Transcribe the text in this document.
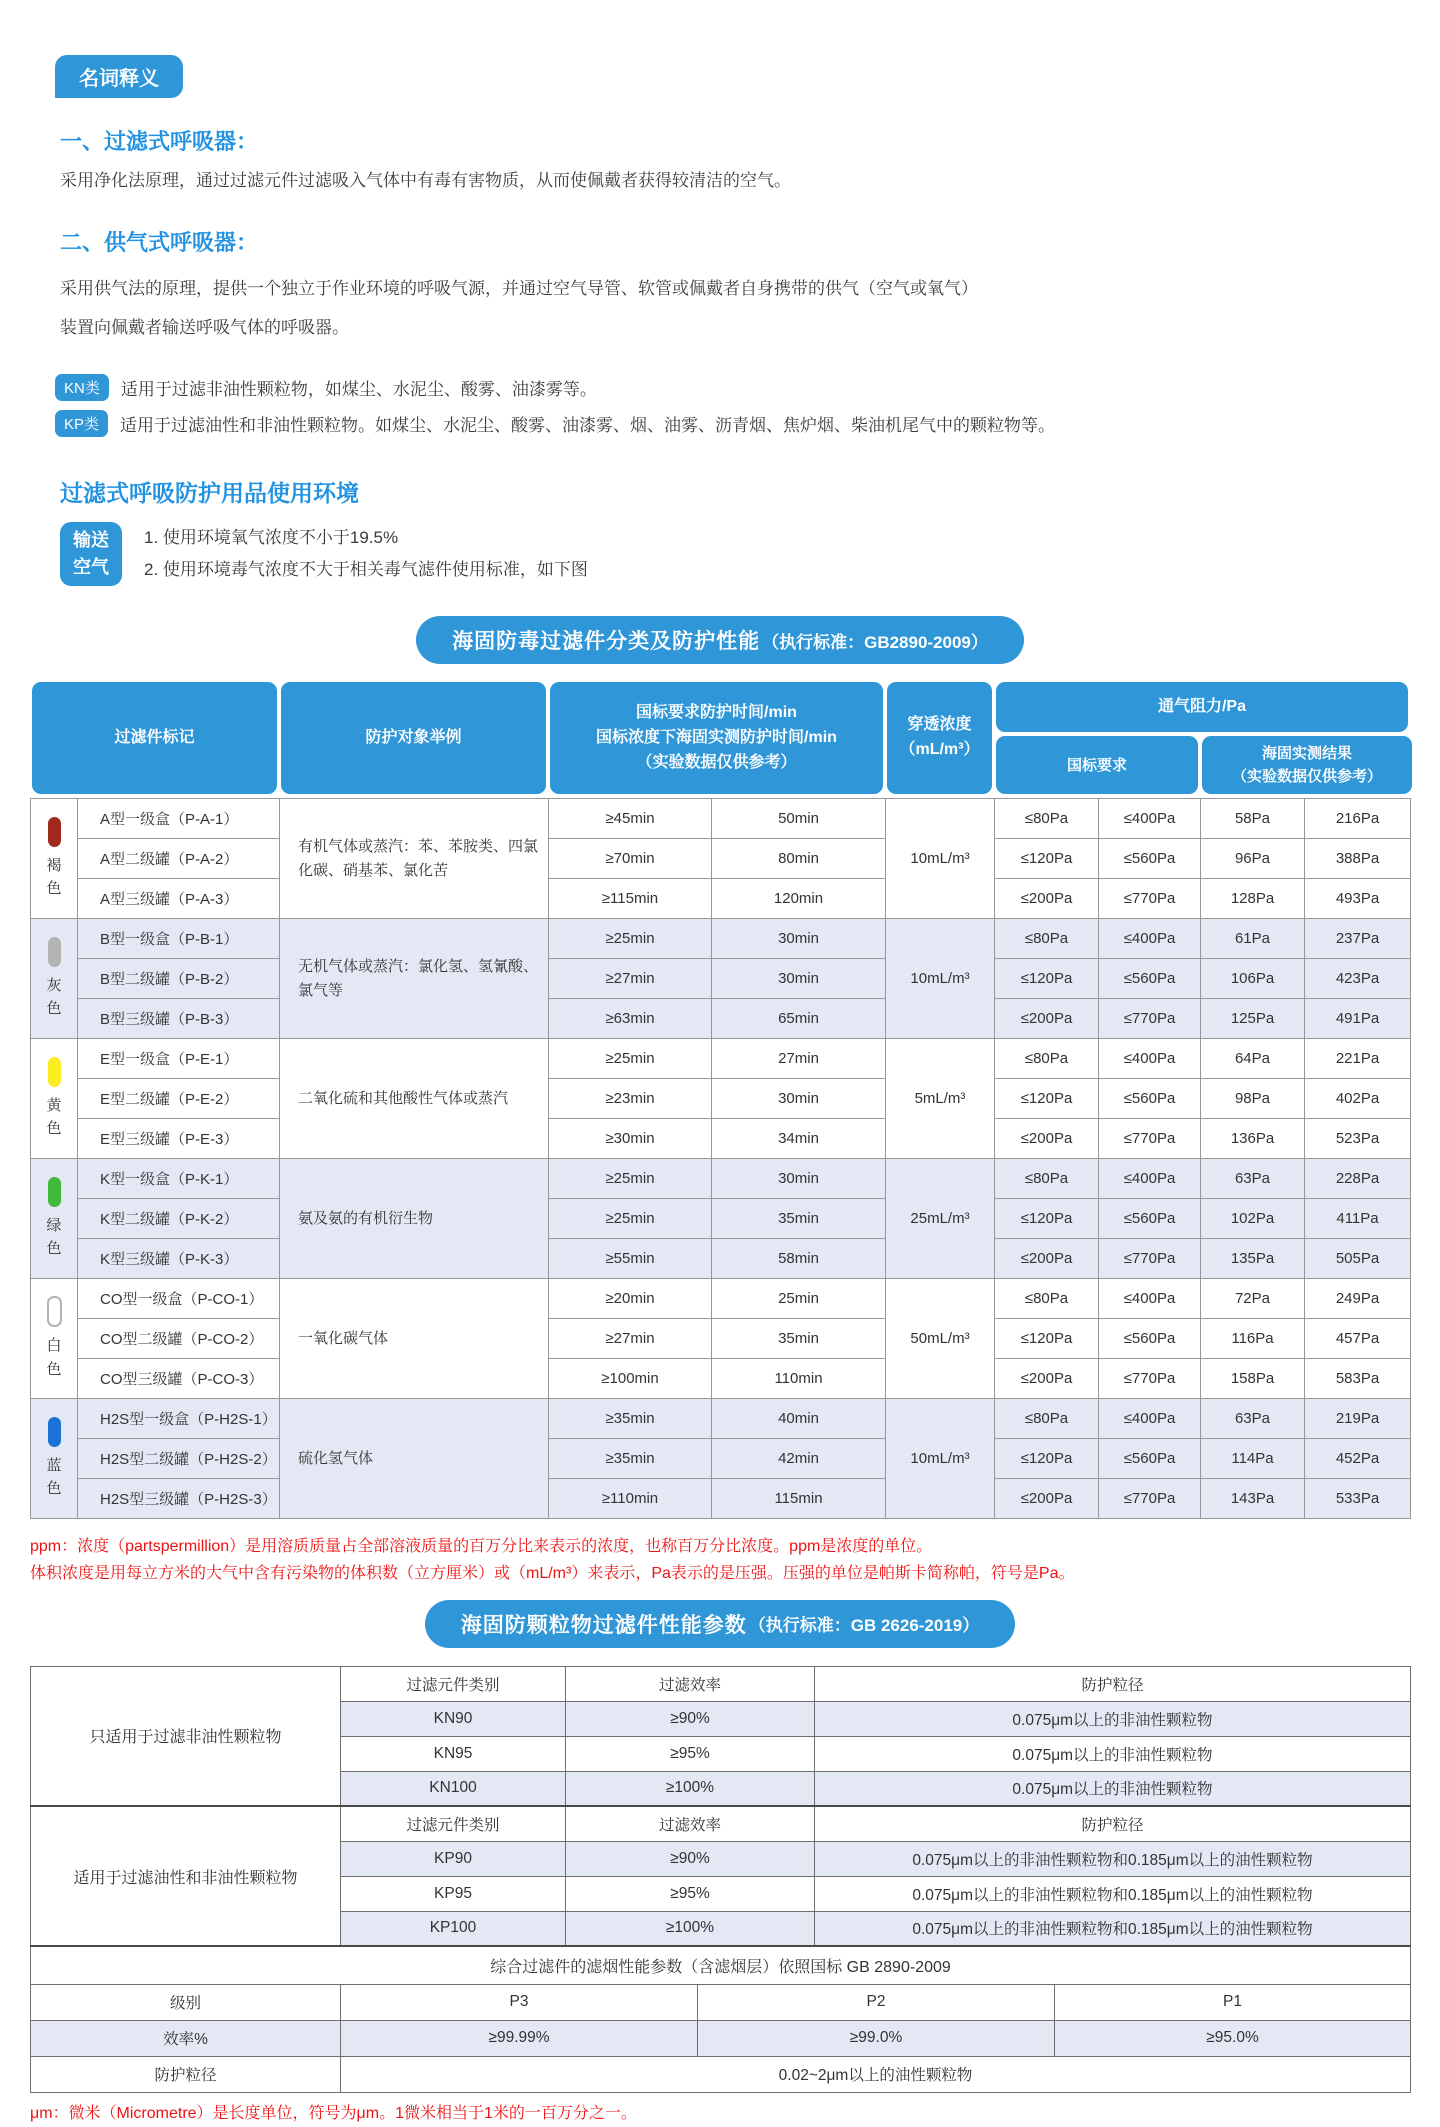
名词释义
一、过滤式呼吸器：
采用净化法原理，通过过滤元件过滤吸入气体中有毒有害物质，从而使佩戴者获得较清洁的空气。
二、供气式呼吸器：
采用供气法的原理，提供一个独立于作业环境的呼吸气源，并通过空气导管、软管或佩戴者自身携带的供气（空气或氧气）
装置向佩戴者输送呼吸气体的呼吸器。
KN类	适用于过滤非油性颗粒物，如煤尘、水泥尘、酸雾、油漆雾等。
KP类	适用于过滤油性和非油性颗粒物。如煤尘、水泥尘、酸雾、油漆雾、烟、油雾、沥青烟、焦炉烟、柴油机尾气中的颗粒物等。
过滤式呼吸防护用品使用环境
输送
空气
1. 使用环境氧气浓度不小于19.5%
2. 使用环境毒气浓度不大于相关毒气滤件使用标准，如下图
海固防毒过滤件分类及防护性能 （执行标准：GB2890-2009）
过滤件标记	防护对象举例
国标要求防护时间/min
国标浓度下海固实测防护时间/min
（实验数据仅供参考）
穿透浓度
（mL/m³）
通气阻力/Pa
国标要求
海固实测结果
（实验数据仅供参考）
褐
色	A型一级盒（P-A-1）	有机气体或蒸汽：苯、苯胺类、四氯化碳、硝基苯、氯化苦	≥45min	50min	10mL/m³	≤80Pa	≤400Pa	58Pa	216Pa
	A型二级罐（P-A-2）		≥70min	80min		≤120Pa	≤560Pa	96Pa	388Pa
	A型三级罐（P-A-3）		≥115min	120min		≤200Pa	≤770Pa	128Pa	493Pa

灰
色	B型一级盒（P-B-1）	无机气体或蒸汽：氯化氢、氢氰酸、氯气等	≥25min	30min	10mL/m³	≤80Pa	≤400Pa	61Pa	237Pa
	B型二级罐（P-B-2）		≥27min	30min		≤120Pa	≤560Pa	106Pa	423Pa
	B型三级罐（P-B-3）		≥63min	65min		≤200Pa	≤770Pa	125Pa	491Pa

黄
色	E型一级盒（P-E-1）	二氧化硫和其他酸性气体或蒸汽	≥25min	27min	5mL/m³	≤80Pa	≤400Pa	64Pa	221Pa
	E型二级罐（P-E-2）		≥23min	30min		≤120Pa	≤560Pa	98Pa	402Pa
	E型三级罐（P-E-3）		≥30min	34min		≤200Pa	≤770Pa	136Pa	523Pa

绿
色	K型一级盒（P-K-1）	氨及氨的有机衍生物	≥25min	30min	25mL/m³	≤80Pa	≤400Pa	63Pa	228Pa
	K型二级罐（P-K-2）		≥25min	35min		≤120Pa	≤560Pa	102Pa	411Pa
	K型三级罐（P-K-3）		≥55min	58min		≤200Pa	≤770Pa	135Pa	505Pa

白
色	CO型一级盒（P-CO-1）	一氧化碳气体	≥20min	25min	50mL/m³	≤80Pa	≤400Pa	72Pa	249Pa
	CO型二级罐（P-CO-2）		≥27min	35min		≤120Pa	≤560Pa	116Pa	457Pa
	CO型三级罐（P-CO-3）		≥100min	110min		≤200Pa	≤770Pa	158Pa	583Pa

蓝
色	H2S型一级盒（P-H2S-1）	硫化氢气体	≥35min	40min	10mL/m³	≤80Pa	≤400Pa	63Pa	219Pa
	H2S型二级罐（P-H2S-2）		≥35min	42min		≤120Pa	≤560Pa	114Pa	452Pa
	H2S型三级罐（P-H2S-3）		≥110min	115min		≤200Pa	≤770Pa	143Pa	533Pa
ppm：浓度（partspermillion）是用溶质质量占全部溶液质量的百万分比来表示的浓度，也称百万分比浓度。ppm是浓度的单位。
体积浓度是用每立方米的大气中含有污染物的体积数（立方厘米）或（mL/m³）来表示，Pa表示的是压强。压强的单位是帕斯卡简称帕，符号是Pa。
海固防颗粒物过滤件性能参数 （执行标准：GB 2626-2019）
只适用于过滤非油性颗粒物	过滤元件类别	过滤效率	防护粒径
	KN90	≥90%	0.075μm以上的非油性颗粒物
	KN95	≥95%	0.075μm以上的非油性颗粒物
	KN100	≥100%	0.075μm以上的非油性颗粒物
适用于过滤油性和非油性颗粒物	过滤元件类别	过滤效率	防护粒径
	KP90	≥90%	0.075μm以上的非油性颗粒物和0.185μm以上的油性颗粒物
	KP95	≥95%	0.075μm以上的非油性颗粒物和0.185μm以上的油性颗粒物
	KP100	≥100%	0.075μm以上的非油性颗粒物和0.185μm以上的油性颗粒物
综合过滤件的滤烟性能参数（含滤烟层）依照国标 GB 2890-2009			
级别	P3	P2	P1
效率%	≥99.99%	≥99.0%	≥95.0%
防护粒径	0.02~2μm以上的油性颗粒物		
μm：微米（Micrometre）是长度单位，符号为μm。1微米相当于1米的一百万分之一。
